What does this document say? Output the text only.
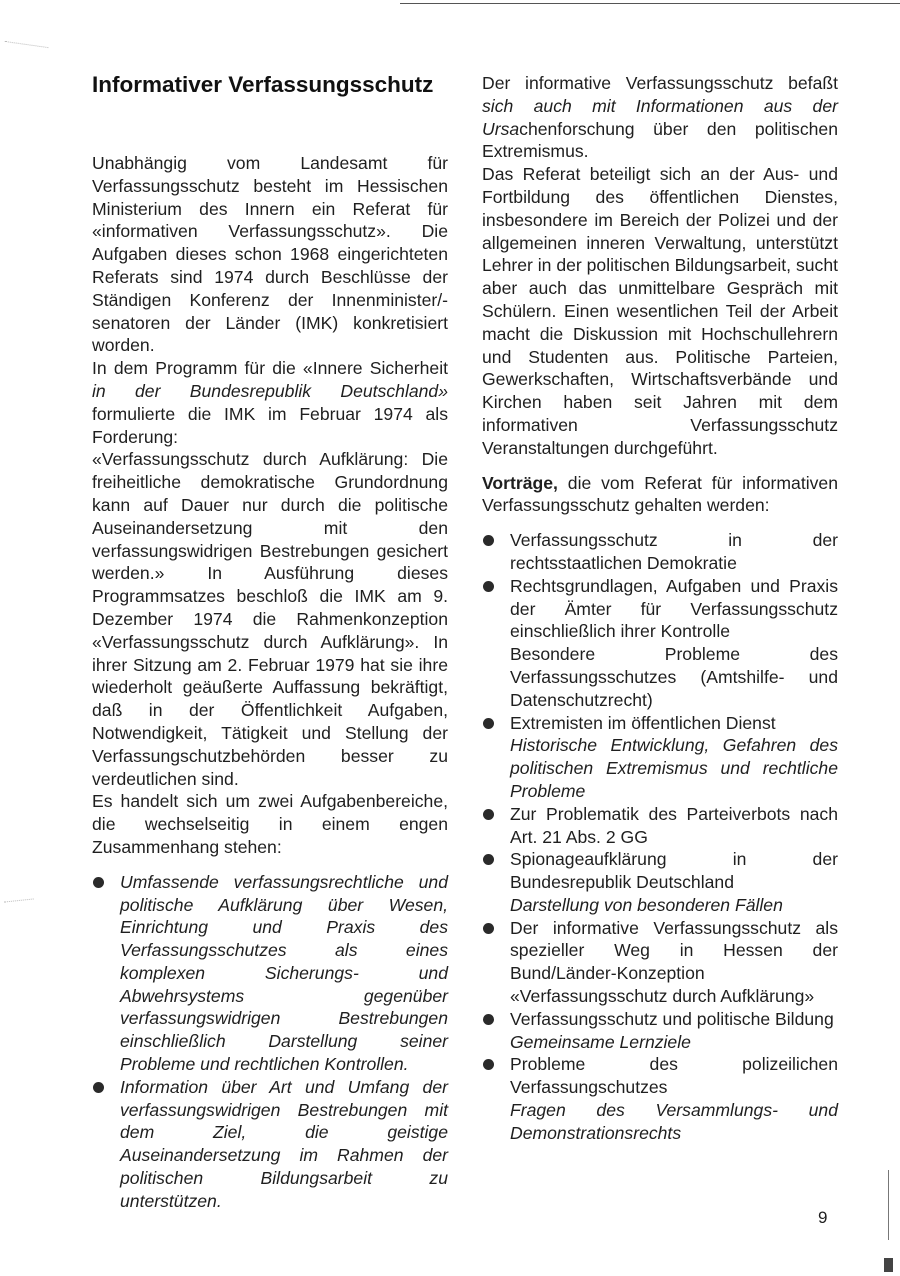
Informativer Verfassungsschutz

Unabhängig vom Landesamt für Verfassungsschutz besteht im Hessischen Ministerium des Innern ein Referat für «informativen Verfassungsschutz». Die Aufgaben dieses schon 1968 eingerichteten Referats sind 1974 durch Beschlüsse der Ständigen Konferenz der Innenminister/-senatoren der Länder (IMK) konkretisiert worden.

In dem Programm für die «Innere Sicherheit in der Bundesrepublik Deutschland» formulierte die IMK im Februar 1974 als Forderung:

«Verfassungsschutz durch Aufklärung: Die freiheitliche demokratische Grundordnung kann auf Dauer nur durch die politische Auseinandersetzung mit den verfassungswidrigen Bestrebungen gesichert werden.» In Ausführung dieses Programmsatzes beschloß die IMK am 9. Dezember 1974 die Rahmenkonzeption «Verfassungsschutz durch Aufklärung». In ihrer Sitzung am 2. Februar 1979 hat sie ihre wiederholt geäußerte Auffassung bekräftigt, daß in der Öffentlichkeit Aufgaben, Notwendigkeit, Tätigkeit und Stellung der Verfassungschutzbehörden besser zu verdeutlichen sind.

Es handelt sich um zwei Aufgabenbereiche, die wechselseitig in einem engen Zusammenhang stehen:

Umfassende verfassungsrechtliche und politische Aufklärung über Wesen, Einrichtung und Praxis des Verfassungsschutzes als eines komplexen Sicherungs- und Abwehrsystems gegenüber verfassungswidrigen Bestrebungen einschließlich Darstellung seiner Probleme und rechtlichen Kontrollen.
Information über Art und Umfang der verfassungswidrigen Bestrebungen mit dem Ziel, die geistige Auseinandersetzung im Rahmen der politischen Bildungsarbeit zu unterstützen.

Der informative Verfassungsschutz befaßt sich auch mit Informationen aus der Ursachenforschung über den politischen Extremismus.

Das Referat beteiligt sich an der Aus- und Fortbildung des öffentlichen Dienstes, insbesondere im Bereich der Polizei und der allgemeinen inneren Verwaltung, unterstützt Lehrer in der politischen Bildungsarbeit, sucht aber auch das unmittelbare Gespräch mit Schülern. Einen wesentlichen Teil der Arbeit macht die Diskussion mit Hochschullehrern und Studenten aus. Politische Parteien, Gewerkschaften, Wirtschaftsverbände und Kirchen haben seit Jahren mit dem informativen Verfassungsschutz Veranstaltungen durchgeführt.

Vorträge, die vom Referat für informativen Verfassungsschutz gehalten werden:

Verfassungsschutz in der rechtsstaatlichen Demokratie
Rechtsgrundlagen, Aufgaben und Praxis der Ämter für Verfassungsschutz einschließlich ihrer Kontrolle
Besondere Probleme des Verfassungsschutzes (Amtshilfe- und Datenschutzrecht)
Extremisten im öffentlichen Dienst
Historische Entwicklung, Gefahren des politischen Extremismus und rechtliche Probleme
Zur Problematik des Parteiverbots nach Art. 21 Abs. 2 GG
Spionageaufklärung in der Bundesrepublik Deutschland
Darstellung von besonderen Fällen
Der informative Verfassungsschutz als spezieller Weg in Hessen der Bund/Länder-Konzeption «Verfassungsschutz durch Aufklärung»
Verfassungsschutz und politische Bildung
Gemeinsame Lernziele
Probleme des polizeilichen Verfassungschutzes
Fragen des Versammlungs- und Demonstrationsrechts
9
